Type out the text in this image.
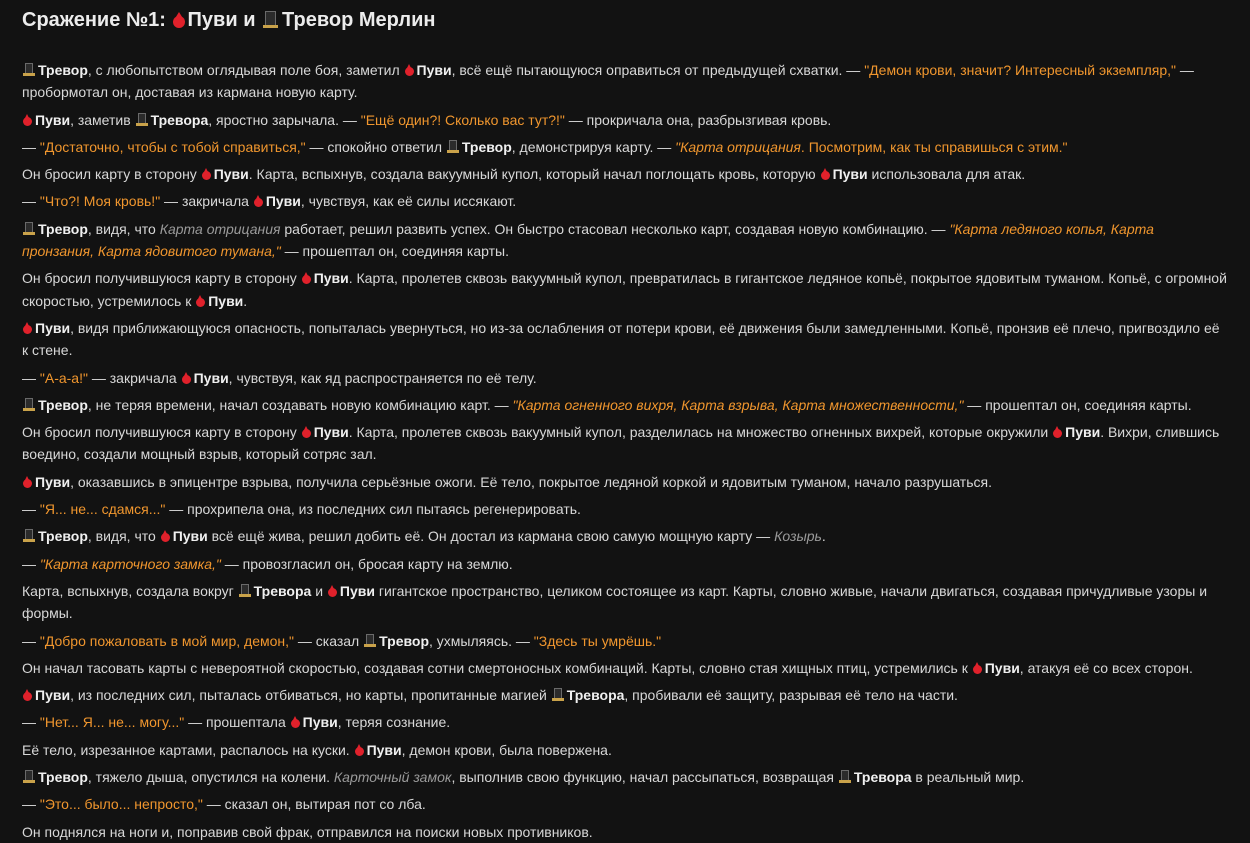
Сражение №1: Пуви и Тревор Мерлин

Тревор, с любопытством оглядывая поле боя, заметил Пуви, всё ещё пытающуюся оправиться от предыдущей схватки. — "Демон крови, значит? Интересный экземпляр," — пробормотал он, доставая из кармана новую карту.

Пуви, заметив Тревора, яростно зарычала. — "Ещё один?! Сколько вас тут?!" — прокричала она, разбрызгивая кровь.

— "Достаточно, чтобы с тобой справиться," — спокойно ответил Тревор, демонстрируя карту. — "Карта отрицания. Посмотрим, как ты справишься с этим."

Он бросил карту в сторону Пуви. Карта, вспыхнув, создала вакуумный купол, который начал поглощать кровь, которую Пуви использовала для атак.

— "Что?! Моя кровь!" — закричала Пуви, чувствуя, как её силы иссякают.

Тревор, видя, что Карта отрицания работает, решил развить успех. Он быстро стасовал несколько карт, создавая новую комбинацию. — "Карта ледяного копья, Карта пронзания, Карта ядовитого тумана," — прошептал он, соединяя карты.

Он бросил получившуюся карту в сторону Пуви. Карта, пролетев сквозь вакуумный купол, превратилась в гигантское ледяное копьё, покрытое ядовитым туманом. Копьё, с огромной скоростью, устремилось к Пуви.

Пуви, видя приближающуюся опасность, попыталась увернуться, но из-за ослабления от потери крови, её движения были замедленными. Копьё, пронзив её плечо, пригвоздило её к стене.

— "А-а-а!" — закричала Пуви, чувствуя, как яд распространяется по её телу.

Тревор, не теряя времени, начал создавать новую комбинацию карт. — "Карта огненного вихря, Карта взрыва, Карта множественности," — прошептал он, соединяя карты.

Он бросил получившуюся карту в сторону Пуви. Карта, пролетев сквозь вакуумный купол, разделилась на множество огненных вихрей, которые окружили Пуви. Вихри, слившись воедино, создали мощный взрыв, который сотряс зал.

Пуви, оказавшись в эпицентре взрыва, получила серьёзные ожоги. Её тело, покрытое ледяной коркой и ядовитым туманом, начало разрушаться.

— "Я... не... сдамся..." — прохрипела она, из последних сил пытаясь регенерировать.

Тревор, видя, что Пуви всё ещё жива, решил добить её. Он достал из кармана свою самую мощную карту — Козырь.

— "Карта карточного замка," — провозгласил он, бросая карту на землю.

Карта, вспыхнув, создала вокруг Тревора и Пуви гигантское пространство, целиком состоящее из карт. Карты, словно живые, начали двигаться, создавая причудливые узоры и формы.

— "Добро пожаловать в мой мир, демон," — сказал Тревор, ухмыляясь. — "Здесь ты умрёшь."

Он начал тасовать карты с невероятной скоростью, создавая сотни смертоносных комбинаций. Карты, словно стая хищных птиц, устремились к Пуви, атакуя её со всех сторон.

Пуви, из последних сил, пыталась отбиваться, но карты, пропитанные магией Тревора, пробивали её защиту, разрывая её тело на части.

— "Нет... Я... не... могу..." — прошептала Пуви, теряя сознание.

Её тело, изрезанное картами, распалось на куски. Пуви, демон крови, была повержена.

Тревор, тяжело дыша, опустился на колени. Карточный замок, выполнив свою функцию, начал рассыпаться, возвращая Тревора в реальный мир.

— "Это... было... непросто," — сказал он, вытирая пот со лба.

Он поднялся на ноги и, поправив свой фрак, отправился на поиски новых противников.
